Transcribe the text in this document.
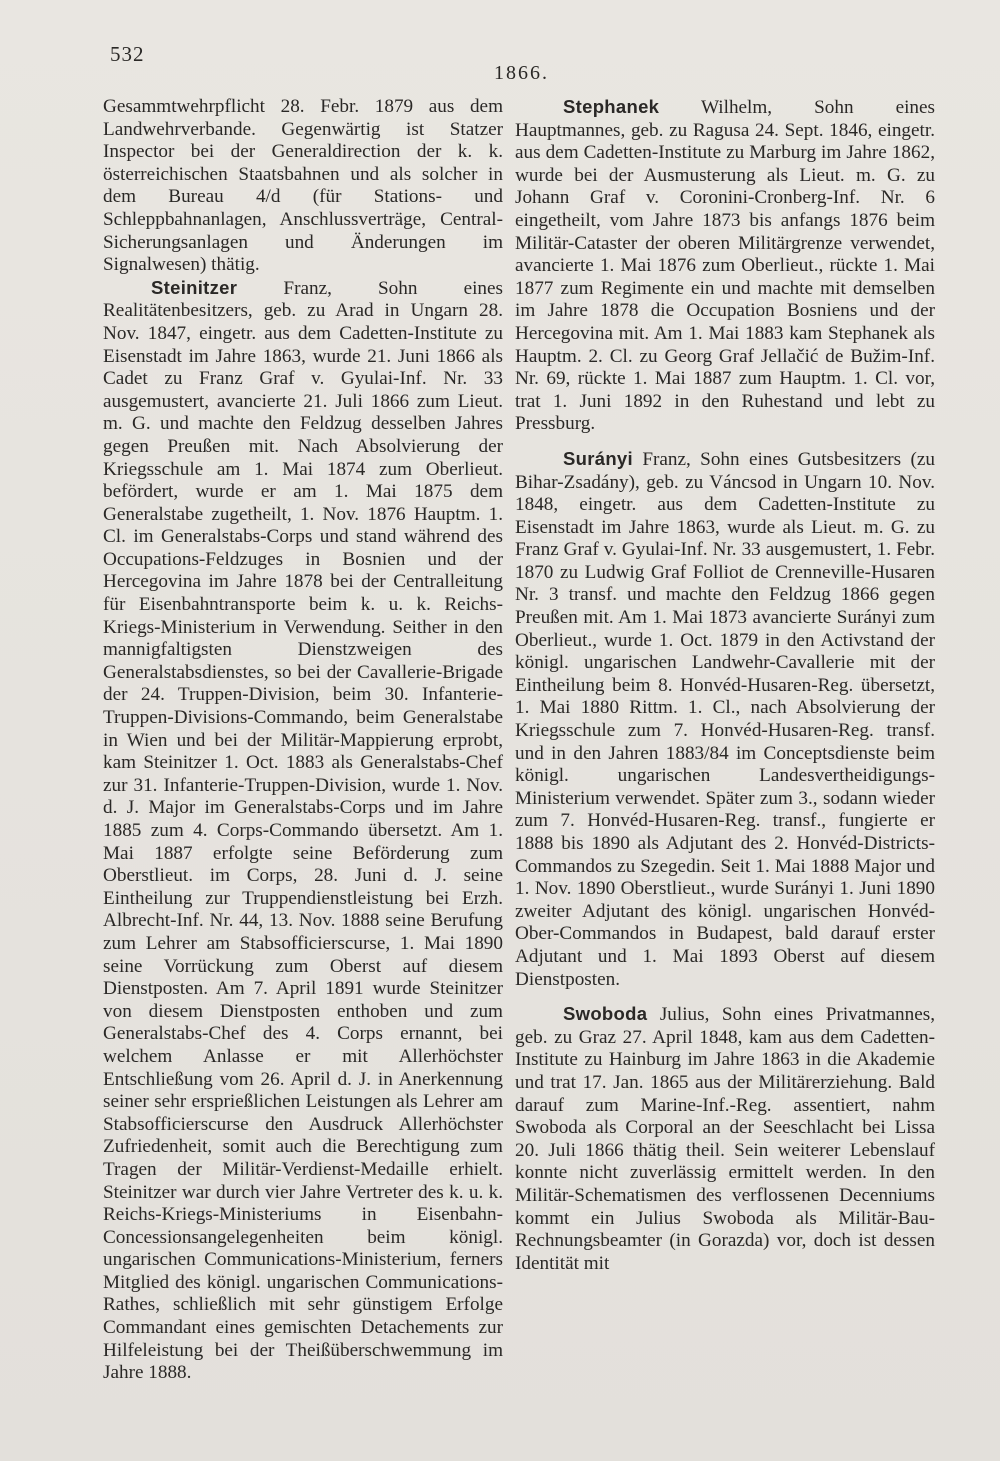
532
1866.

Gesammtwehrpflicht 28. Febr. 1879 aus dem Landwehrverbande. Gegenwärtig ist Statzer Inspector bei der Generaldirection der k. k. österreichischen Staatsbahnen und als solcher in dem Bureau 4/d (für Stations- und Schleppbahnanlagen, Anschlussverträge, Central-Sicherungsanlagen und Änderungen im Signalwesen) thätig.

Steinitzer Franz, Sohn eines Realitätenbesitzers, geb. zu Arad in Ungarn 28. Nov. 1847, eingetr. aus dem Cadetten-Institute zu Eisenstadt im Jahre 1863, wurde 21. Juni 1866 als Cadet zu Franz Graf v. Gyulai-Inf. Nr. 33 ausgemustert, avancierte 21. Juli 1866 zum Lieut. m. G. und machte den Feldzug desselben Jahres gegen Preußen mit. Nach Absolvierung der Kriegsschule am 1. Mai 1874 zum Oberlieut. befördert, wurde er am 1. Mai 1875 dem Generalstabe zugetheilt, 1. Nov. 1876 Hauptm. 1. Cl. im Generalstabs-Corps und stand während des Occupations-Feldzuges in Bosnien und der Hercegovina im Jahre 1878 bei der Centralleitung für Eisenbahntransporte beim k. u. k. Reichs-Kriegs-Ministerium in Verwendung. Seither in den mannigfaltigsten Dienstzweigen des Generalstabsdienstes, so bei der Cavallerie-Brigade der 24. Truppen-Division, beim 30. Infanterie-Truppen-Divisions-Commando, beim Generalstabe in Wien und bei der Militär-Mappierung erprobt, kam Steinitzer 1. Oct. 1883 als Generalstabs-Chef zur 31. Infanterie-Truppen-Division, wurde 1. Nov. d. J. Major im Generalstabs-Corps und im Jahre 1885 zum 4. Corps-Commando übersetzt. Am 1. Mai 1887 erfolgte seine Beförderung zum Oberstlieut. im Corps, 28. Juni d. J. seine Eintheilung zur Truppendienstleistung bei Erzh. Albrecht-Inf. Nr. 44, 13. Nov. 1888 seine Berufung zum Lehrer am Stabsofficierscurse, 1. Mai 1890 seine Vorrückung zum Oberst auf diesem Dienstposten. Am 7. April 1891 wurde Steinitzer von diesem Dienstposten enthoben und zum Generalstabs-Chef des 4. Corps ernannt, bei welchem Anlasse er mit Allerhöchster Entschließung vom 26. April d. J. in Anerkennung seiner sehr ersprießlichen Leistungen als Lehrer am Stabsofficierscurse den Ausdruck Allerhöchster Zufriedenheit, somit auch die Berechtigung zum Tragen der Militär-Verdienst-Medaille erhielt. Steinitzer war durch vier Jahre Vertreter des k. u. k. Reichs-Kriegs-Ministeriums in Eisenbahn-Concessionsangelegenheiten beim königl. ungarischen Communications-Ministerium, ferners Mitglied des königl. ungarischen Communications-Rathes, schließlich mit sehr günstigem Erfolge Commandant eines gemischten Detachements zur Hilfeleistung bei der Theißüberschwemmung im Jahre 1888.

Stephanek Wilhelm, Sohn eines Hauptmannes, geb. zu Ragusa 24. Sept. 1846, eingetr. aus dem Cadetten-Institute zu Marburg im Jahre 1862, wurde bei der Ausmusterung als Lieut. m. G. zu Johann Graf v. Coronini-Cronberg-Inf. Nr. 6 eingetheilt, vom Jahre 1873 bis anfangs 1876 beim Militär-Cataster der oberen Militärgrenze verwendet, avancierte 1. Mai 1876 zum Oberlieut., rückte 1. Mai 1877 zum Regimente ein und machte mit demselben im Jahre 1878 die Occupation Bosniens und der Hercegovina mit. Am 1. Mai 1883 kam Stephanek als Hauptm. 2. Cl. zu Georg Graf Jellačić de Bužim-Inf. Nr. 69, rückte 1. Mai 1887 zum Hauptm. 1. Cl. vor, trat 1. Juni 1892 in den Ruhestand und lebt zu Pressburg.

Surányi Franz, Sohn eines Gutsbesitzers (zu Bihar-Zsadány), geb. zu Váncsod in Ungarn 10. Nov. 1848, eingetr. aus dem Cadetten-Institute zu Eisenstadt im Jahre 1863, wurde als Lieut. m. G. zu Franz Graf v. Gyulai-Inf. Nr. 33 ausgemustert, 1. Febr. 1870 zu Ludwig Graf Folliot de Crenneville-Husaren Nr. 3 transf. und machte den Feldzug 1866 gegen Preußen mit. Am 1. Mai 1873 avancierte Surányi zum Oberlieut., wurde 1. Oct. 1879 in den Activstand der königl. ungarischen Landwehr-Cavallerie mit der Eintheilung beim 8. Honvéd-Husaren-Reg. übersetzt, 1. Mai 1880 Rittm. 1. Cl., nach Absolvierung der Kriegsschule zum 7. Honvéd-Husaren-Reg. transf. und in den Jahren 1883/84 im Conceptsdienste beim königl. ungarischen Landesvertheidigungs-Ministerium verwendet. Später zum 3., sodann wieder zum 7. Honvéd-Husaren-Reg. transf., fungierte er 1888 bis 1890 als Adjutant des 2. Honvéd-Districts-Commandos zu Szegedin. Seit 1. Mai 1888 Major und 1. Nov. 1890 Oberstlieut., wurde Surányi 1. Juni 1890 zweiter Adjutant des königl. ungarischen Honvéd-Ober-Commandos in Budapest, bald darauf erster Adjutant und 1. Mai 1893 Oberst auf diesem Dienstposten.

Swoboda Julius, Sohn eines Privatmannes, geb. zu Graz 27. April 1848, kam aus dem Cadetten-Institute zu Hainburg im Jahre 1863 in die Akademie und trat 17. Jan. 1865 aus der Militärerziehung. Bald darauf zum Marine-Inf.-Reg. assentiert, nahm Swoboda als Corporal an der Seeschlacht bei Lissa 20. Juli 1866 thätig theil. Sein weiterer Lebenslauf konnte nicht zuverlässig ermittelt werden. In den Militär-Schematismen des verflossenen Decenniums kommt ein Julius Swoboda als Militär-Bau-Rechnungsbeamter (in Gorazda) vor, doch ist dessen Identität mit
